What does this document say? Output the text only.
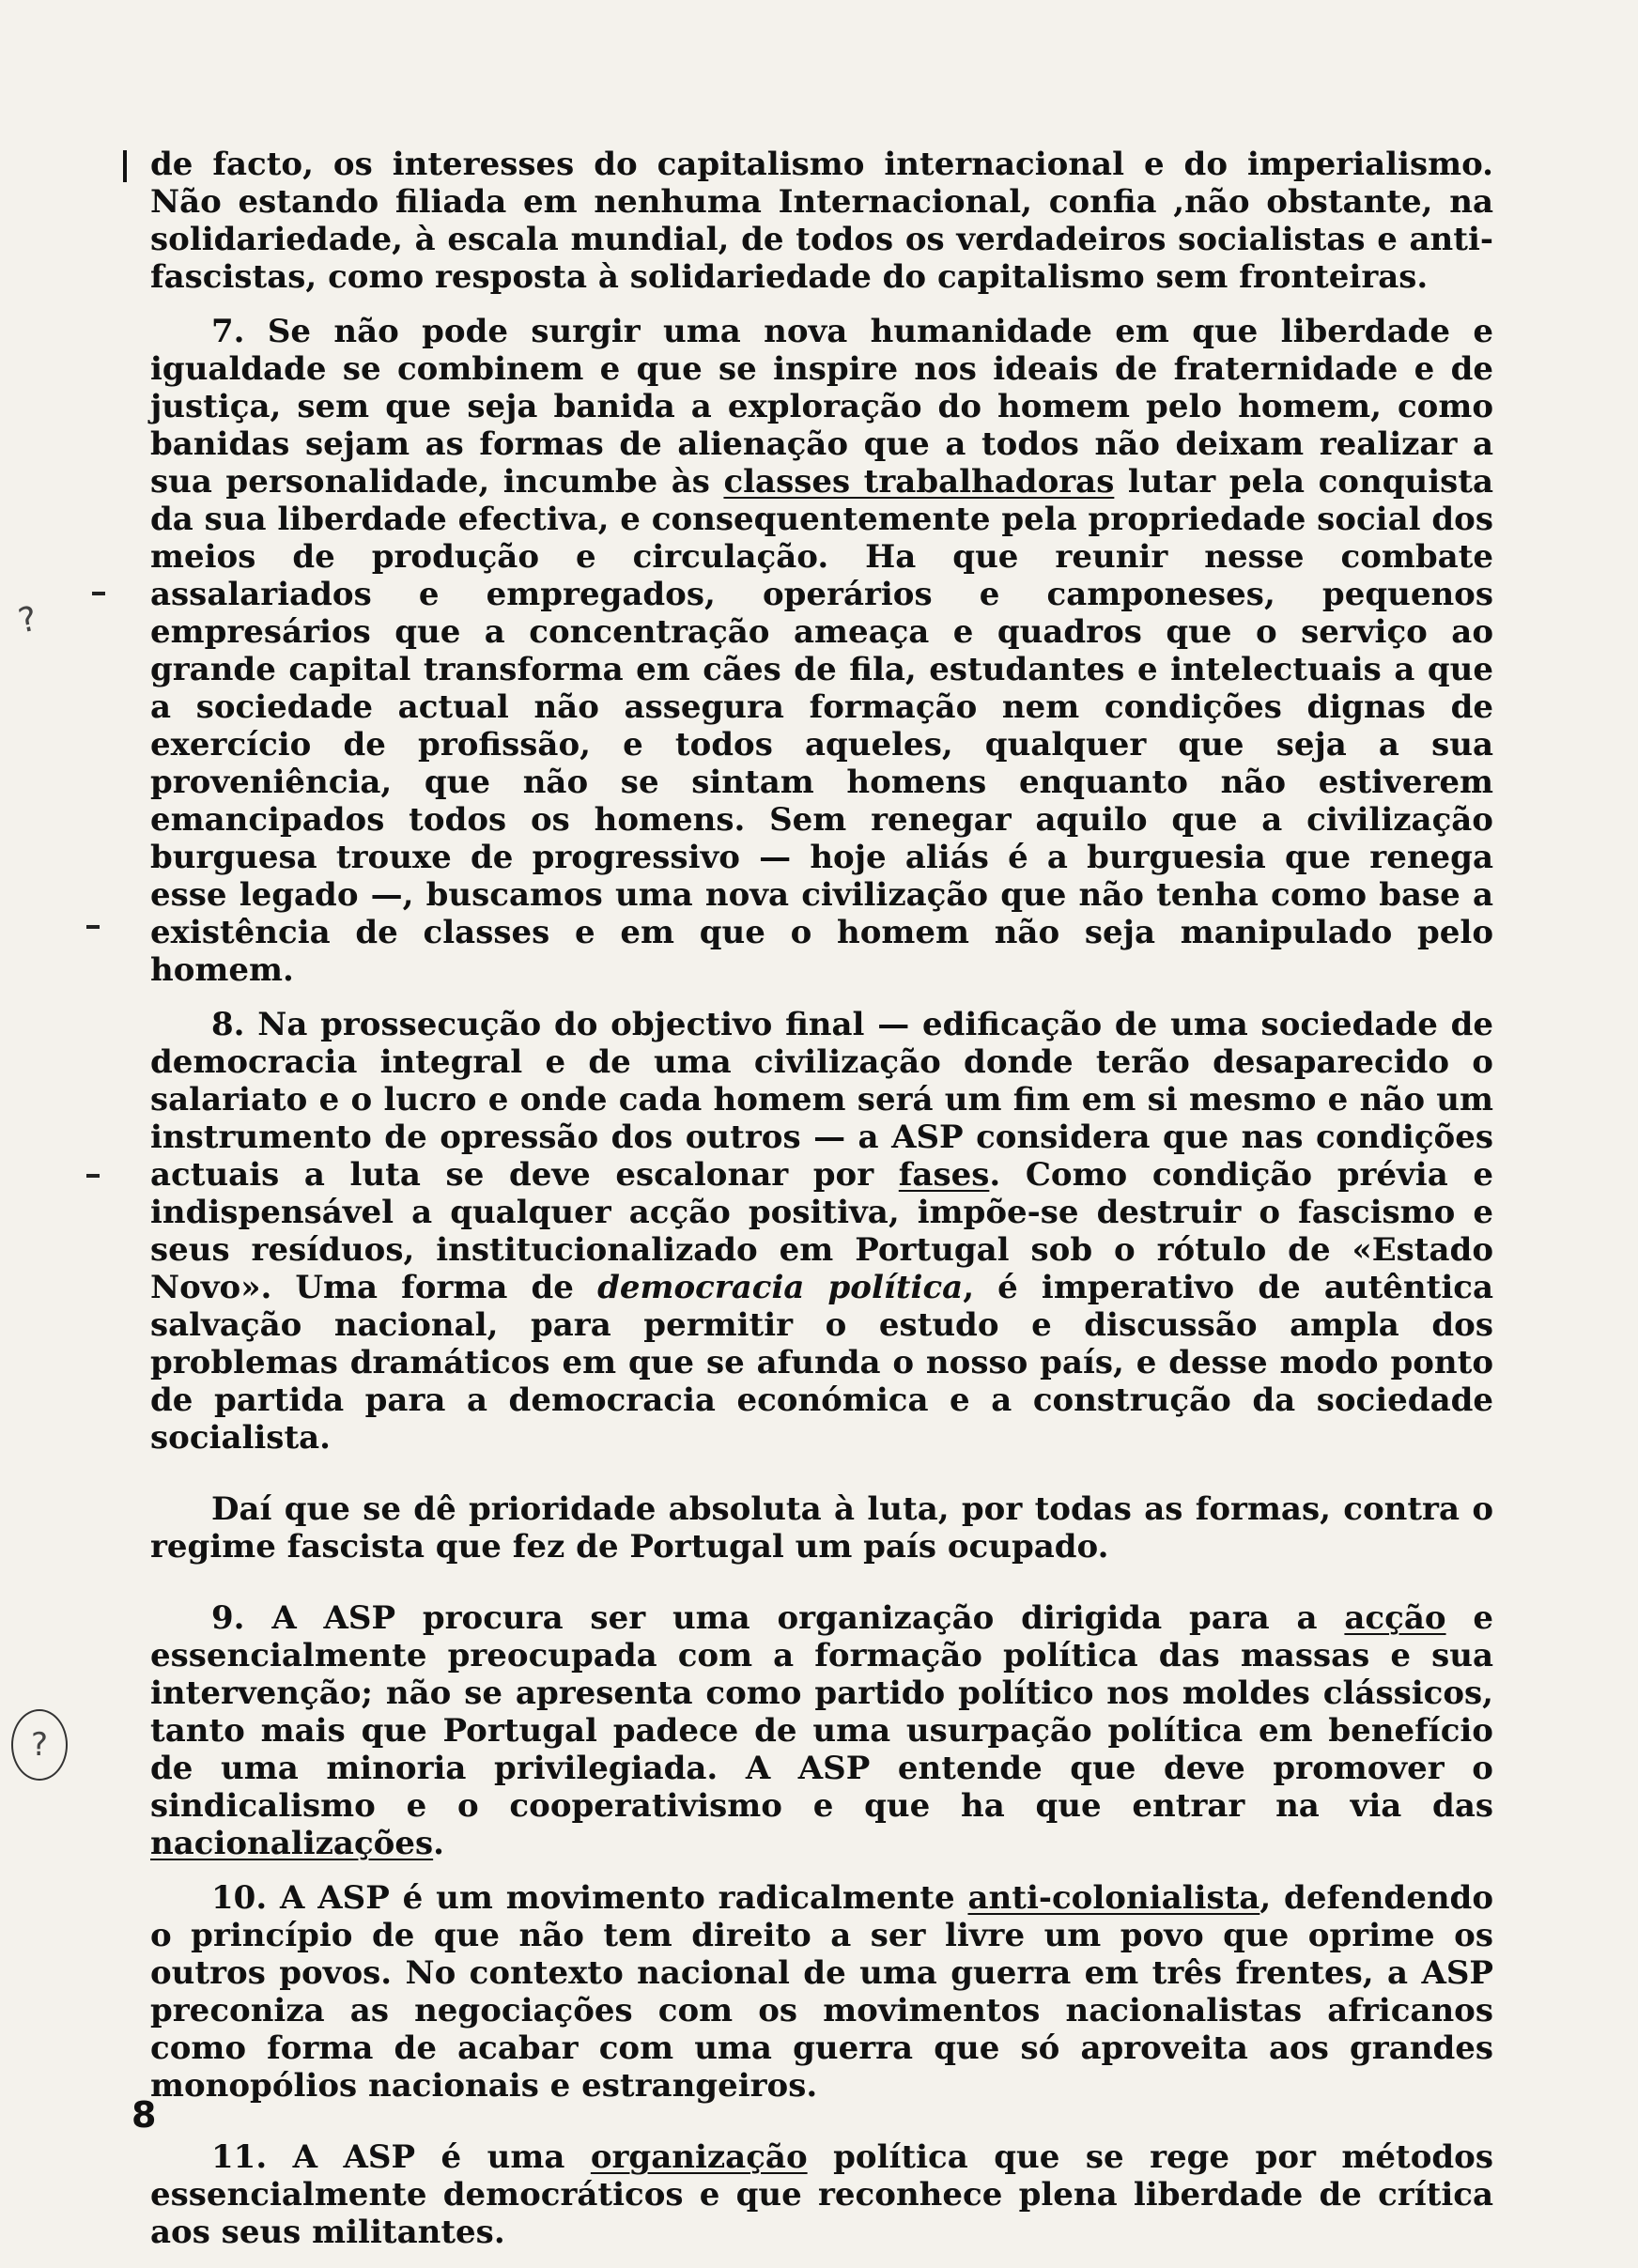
?
?

de facto, os interesses do capitalismo internacional e do imperialismo. Não estando filiada em nenhuma Internacional, confia ,não obstante, na solidariedade, à escala mundial, de todos os verdadeiros socialistas e anti-fascistas, como resposta à solidariedade do capitalismo sem fronteiras.

7. Se não pode surgir uma nova humanidade em que liberdade e igualdade se combinem e que se inspire nos ideais de fraternidade e de justiça, sem que seja banida a exploração do homem pelo homem, como banidas sejam as formas de alienação que a todos não deixam realizar a sua personalidade, incumbe às classes trabalhadoras lutar pela conquista da sua liberdade efectiva, e consequentemente pela propriedade social dos meios de produção e circulação. Ha que reunir nesse combate assalariados e empregados, operários e camponeses, pequenos empresários que a concentração ameaça e quadros que o serviço ao grande capital transforma em cães de fila, estudantes e intelectuais a que a sociedade actual não assegura formação nem condições dignas de exercício de profissão, e todos aqueles, qualquer que seja a sua proveniência, que não se sintam homens enquanto não estiverem emancipados todos os homens. Sem renegar aquilo que a civilização burguesa trouxe de progressivo — hoje aliás é a burguesia que renega esse legado —, buscamos uma nova civilização que não tenha como base a existência de classes e em que o homem não seja manipulado pelo homem.

8. Na prossecução do objectivo final — edificação de uma sociedade de democracia integral e de uma civilização donde terão desaparecido o salariato e o lucro e onde cada homem será um fim em si mesmo e não um instrumento de opressão dos outros — a ASP considera que nas condições actuais a luta se deve escalonar por fases. Como condição prévia e indispensável a qualquer acção positiva, impõe-se destruir o fascismo e seus resíduos, institucionalizado em Portugal sob o rótulo de «Estado Novo». Uma forma de democracia política, é imperativo de autêntica salvação nacional, para permitir o estudo e discussão ampla dos problemas dramáticos em que se afunda o nosso país, e desse modo ponto de partida para a democracia económica e a construção da sociedade socialista.

Daí que se dê prioridade absoluta à luta, por todas as formas, contra o regime fascista que fez de Portugal um país ocupado.

9. A ASP procura ser uma organização dirigida para a acção e essencialmente preocupada com a formação política das massas e sua intervenção; não se apresenta como partido político nos moldes clássicos, tanto mais que Portugal padece de uma usurpação política em benefício de uma minoria privilegiada. A ASP entende que deve promover o sindicalismo e o cooperativismo e que ha que entrar na via das nacionalizações.

10. A ASP é um movimento radicalmente anti-colonialista, defendendo o princípio de que não tem direito a ser livre um povo que oprime os outros povos. No contexto nacional de uma guerra em três frentes, a ASP preconiza as negociações com os movimentos nacionalistas africanos como forma de acabar com uma guerra que só aproveita aos grandes monopólios nacionais e estrangeiros.

11. A ASP é uma organização política que se rege por métodos essencialmente democráticos e que reconhece plena liberdade de crítica aos seus militantes.

8
